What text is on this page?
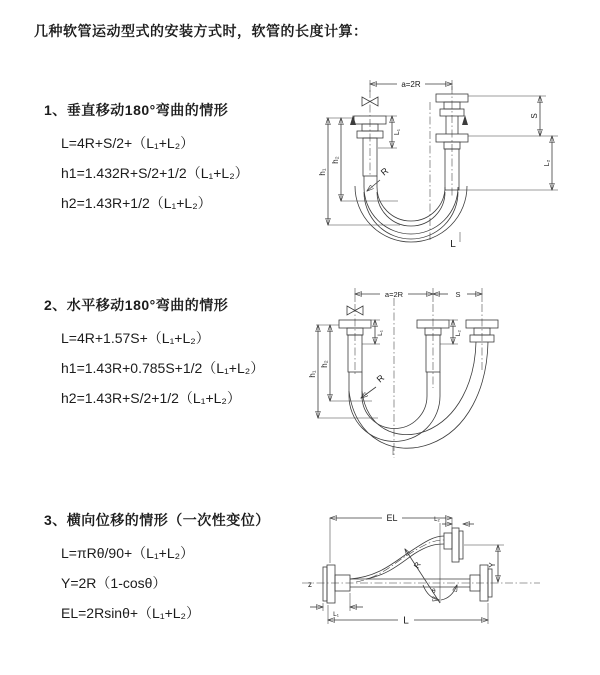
几种软管运动型式的安装方式时，软管的长度计算：
1、垂直移动180°弯曲的情形
L=4R+S/2+（L₁+L₂）
h1=1.432R+S/2+1/2（L₁+L₂）
h2=1.43R+1/2（L₁+L₂）
2、水平移动180°弯曲的情形
L=4R+1.57S+（L₁+L₂）
h1=1.43R+0.785S+1/2（L₁+L₂）
h2=1.43R+S/2+1/2（L₁+L₂）
3、横向位移的情形（一次性变位）
L=πRθ/90+（L₁+L₂）
Y=2R（1-cosθ）
EL=2Rsinθ+（L₁+L₂）
a=2R
L₁
h₁
h₂
S
L₂
R
L
a=2R	S
h₁
h₂
L₁	L₂
R
z
EL	L₂
R
θ
Y
L
L₁
